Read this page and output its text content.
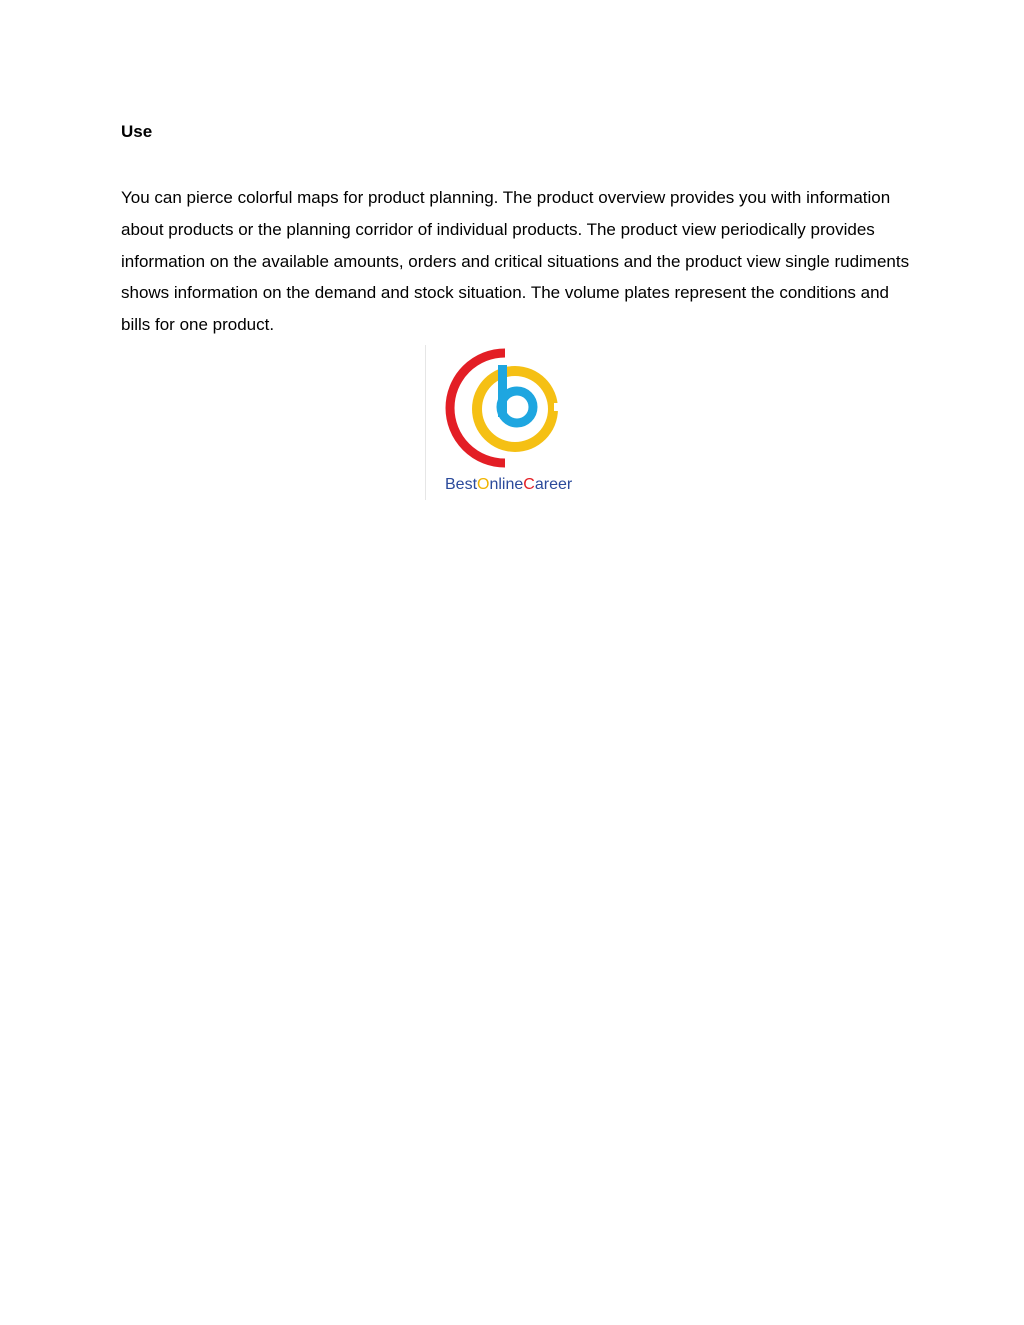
Use

You can pierce colorful maps for product planning. The product overview provides you with information about products or the planning corridor of individual products. The product view periodically provides information on the available amounts, orders and critical situations and the product view single rudiments shows information on the demand and stock situation. The volume plates represent the conditions and bills for one product.

BestOnlineCareer
